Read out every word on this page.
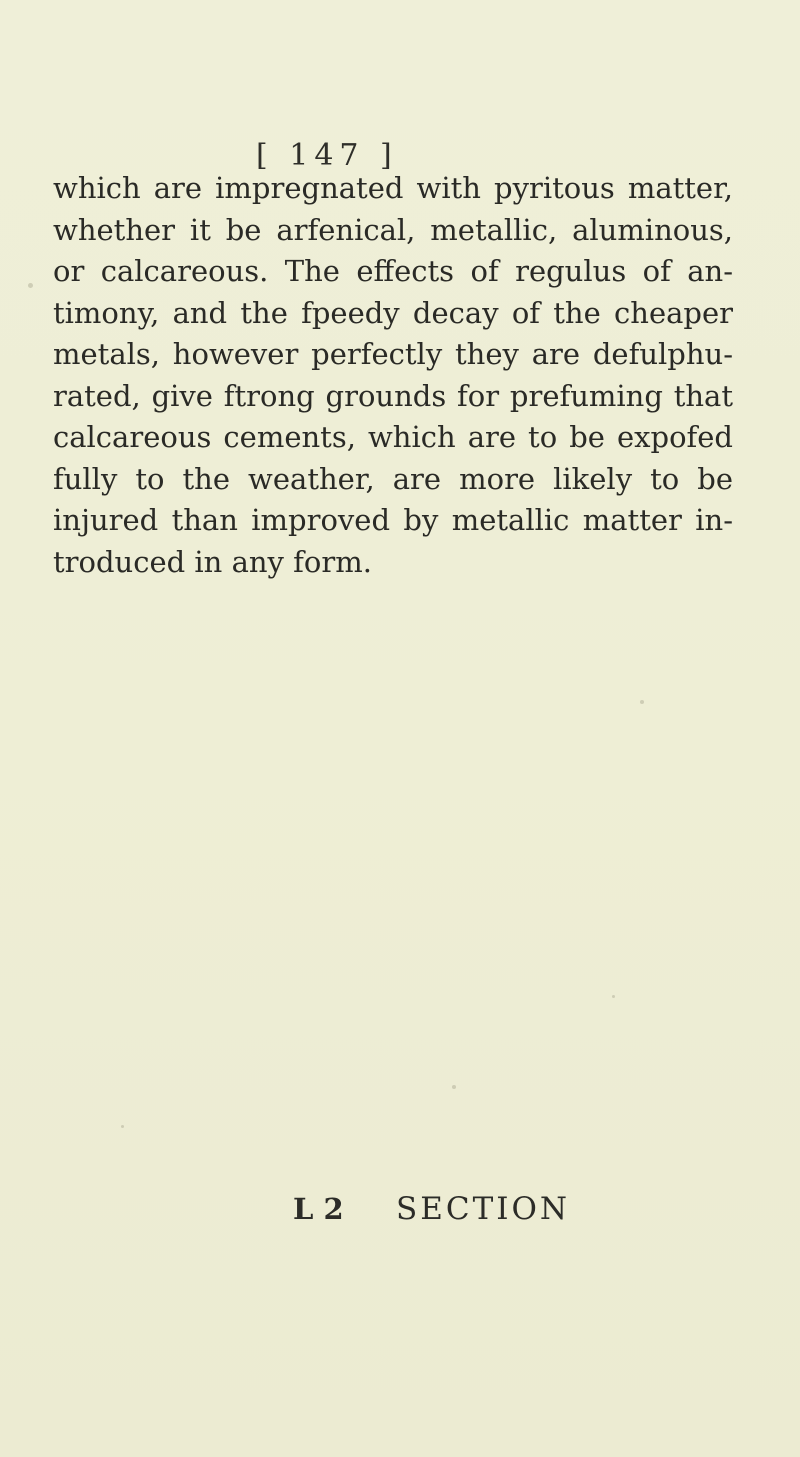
[ 147 ]

which are impregnated with pyritous matter,
whether it be arfenical, metallic, aluminous,
or calcareous. The effects of regulus of an-
timony, and the fpeedy decay of the cheaper
metals, however perfectly they are defulphu-
rated, give ftrong grounds for prefuming that
calcareous cements, which are to be expofed
fully to the weather, are more likely to be
injured than improved by metallic matter in-
troduced in any form.

L 2 SECTION
